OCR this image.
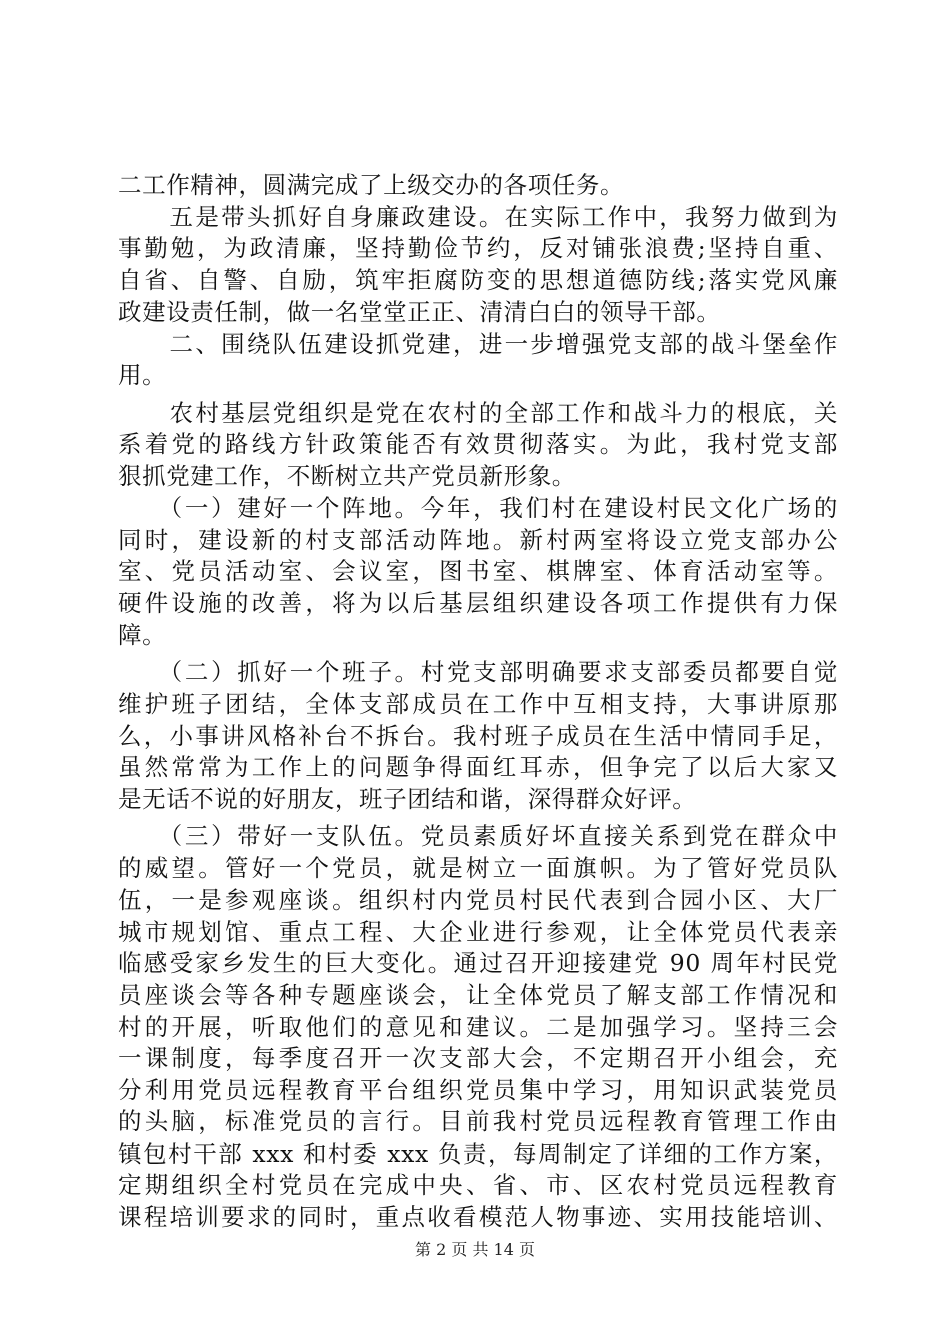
二工作精神，圆满完成了上级交办的各项任务。
　　五是带头抓好自身廉政建设。在实际工作中，我努力做到为
事勤勉，为政清廉，坚持勤俭节约，反对铺张浪费;坚持自重、
自省、自警、自励，筑牢拒腐防变的思想道德防线;落实党风廉
政建设责任制，做一名堂堂正正、清清白白的领导干部。
　　二、围绕队伍建设抓党建，进一步增强党支部的战斗堡垒作
用。
　　农村基层党组织是党在农村的全部工作和战斗力的根底，关
系着党的路线方针政策能否有效贯彻落实。为此，我村党支部
狠抓党建工作，不断树立共产党员新形象。
　　（一）建好一个阵地。今年，我们村在建设村民文化广场的
同时，建设新的村支部活动阵地。新村两室将设立党支部办公
室、党员活动室、会议室，图书室、棋牌室、体育活动室等。
硬件设施的改善，将为以后基层组织建设各项工作提供有力保
障。
　　（二）抓好一个班子。村党支部明确要求支部委员都要自觉
维护班子团结，全体支部成员在工作中互相支持，大事讲原那
么，小事讲风格补台不拆台。我村班子成员在生活中情同手足，
虽然常常为工作上的问题争得面红耳赤，但争完了以后大家又
是无话不说的好朋友，班子团结和谐，深得群众好评。
　　（三）带好一支队伍。党员素质好坏直接关系到党在群众中
的威望。管好一个党员，就是树立一面旗帜。为了管好党员队
伍，一是参观座谈。组织村内党员村民代表到合园小区、大厂
城市规划馆、重点工程、大企业进行参观，让全体党员代表亲
临感受家乡发生的巨大变化。通过召开迎接建党 90 周年村民党
员座谈会等各种专题座谈会，让全体党员了解支部工作情况和
村的开展，听取他们的意见和建议。二是加强学习。坚持三会
一课制度，每季度召开一次支部大会，不定期召开小组会，充
分利用党员远程教育平台组织党员集中学习，用知识武装党员
的头脑，标准党员的言行。目前我村党员远程教育管理工作由
镇包村干部 xxx 和村委 xxx 负责，每周制定了详细的工作方案，
定期组织全村党员在完成中央、省、市、区农村党员远程教育
课程培训要求的同时，重点收看模范人物事迹、实用技能培训、
第 2 页 共 14 页
